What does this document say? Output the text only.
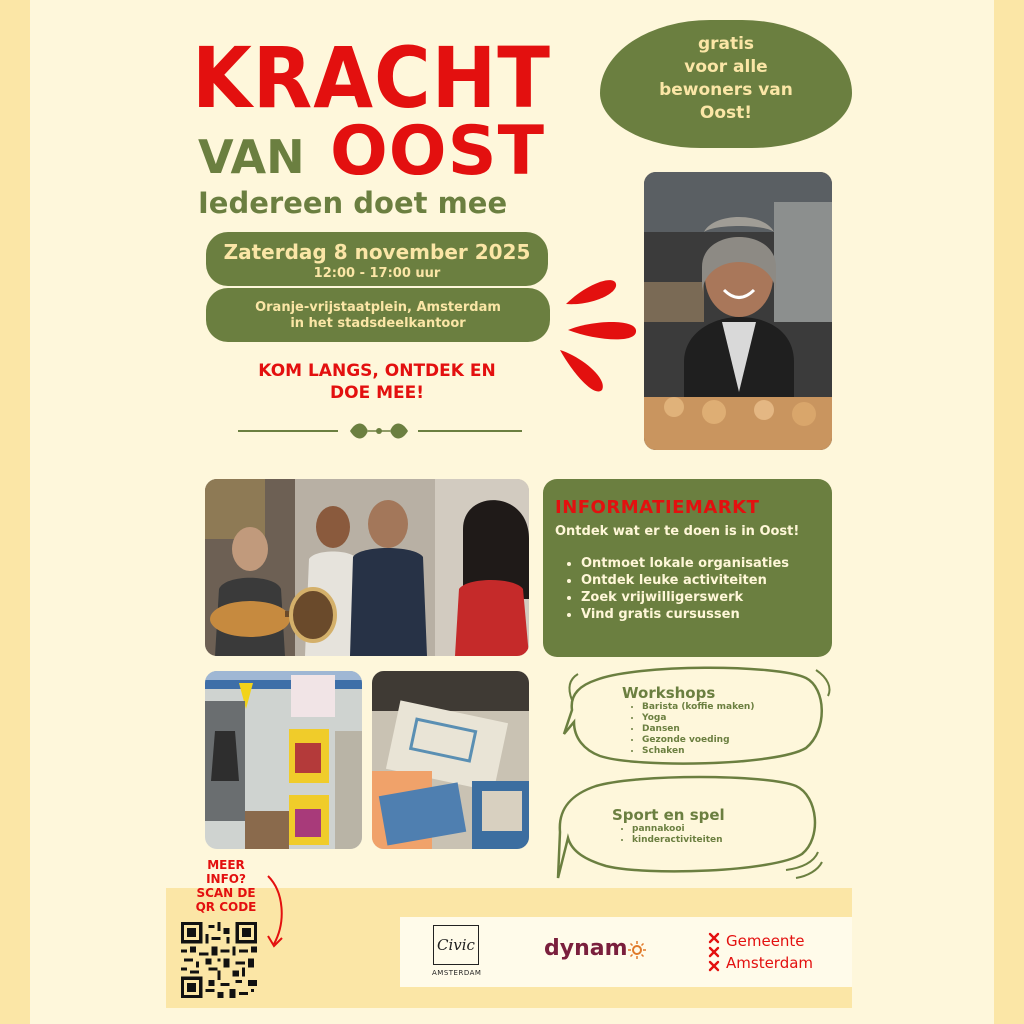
KRACHT
VAN OOST
Iedereen doet mee
Zaterdag 8 november 2025
12:00 - 17:00 uur
Oranje-vrijstaatplein, Amsterdam
in het stadsdeelkantoor
KOM LANGS, ONTDEK EN
DOE MEE!
gratis
voor alle
bewoners van
Oost!
INFORMATIEMARKT
Ontdek wat er te doen is in Oost!
• Ontmoet lokale organisaties
• Ontdek leuke activiteiten
• Zoek vrijwilligerswerk
• Vind gratis cursussen
Workshops
• Barista (koffie maken)
• Yoga
• Dansen
• Gezonde voeding
• Schaken
Sport en spel
• pannakooi
• kinderactiviteiten
MEER
INFO?
SCAN DE
QR CODE
Civic
AMSTERDAM
dynam	Gemeente
Amsterdam
